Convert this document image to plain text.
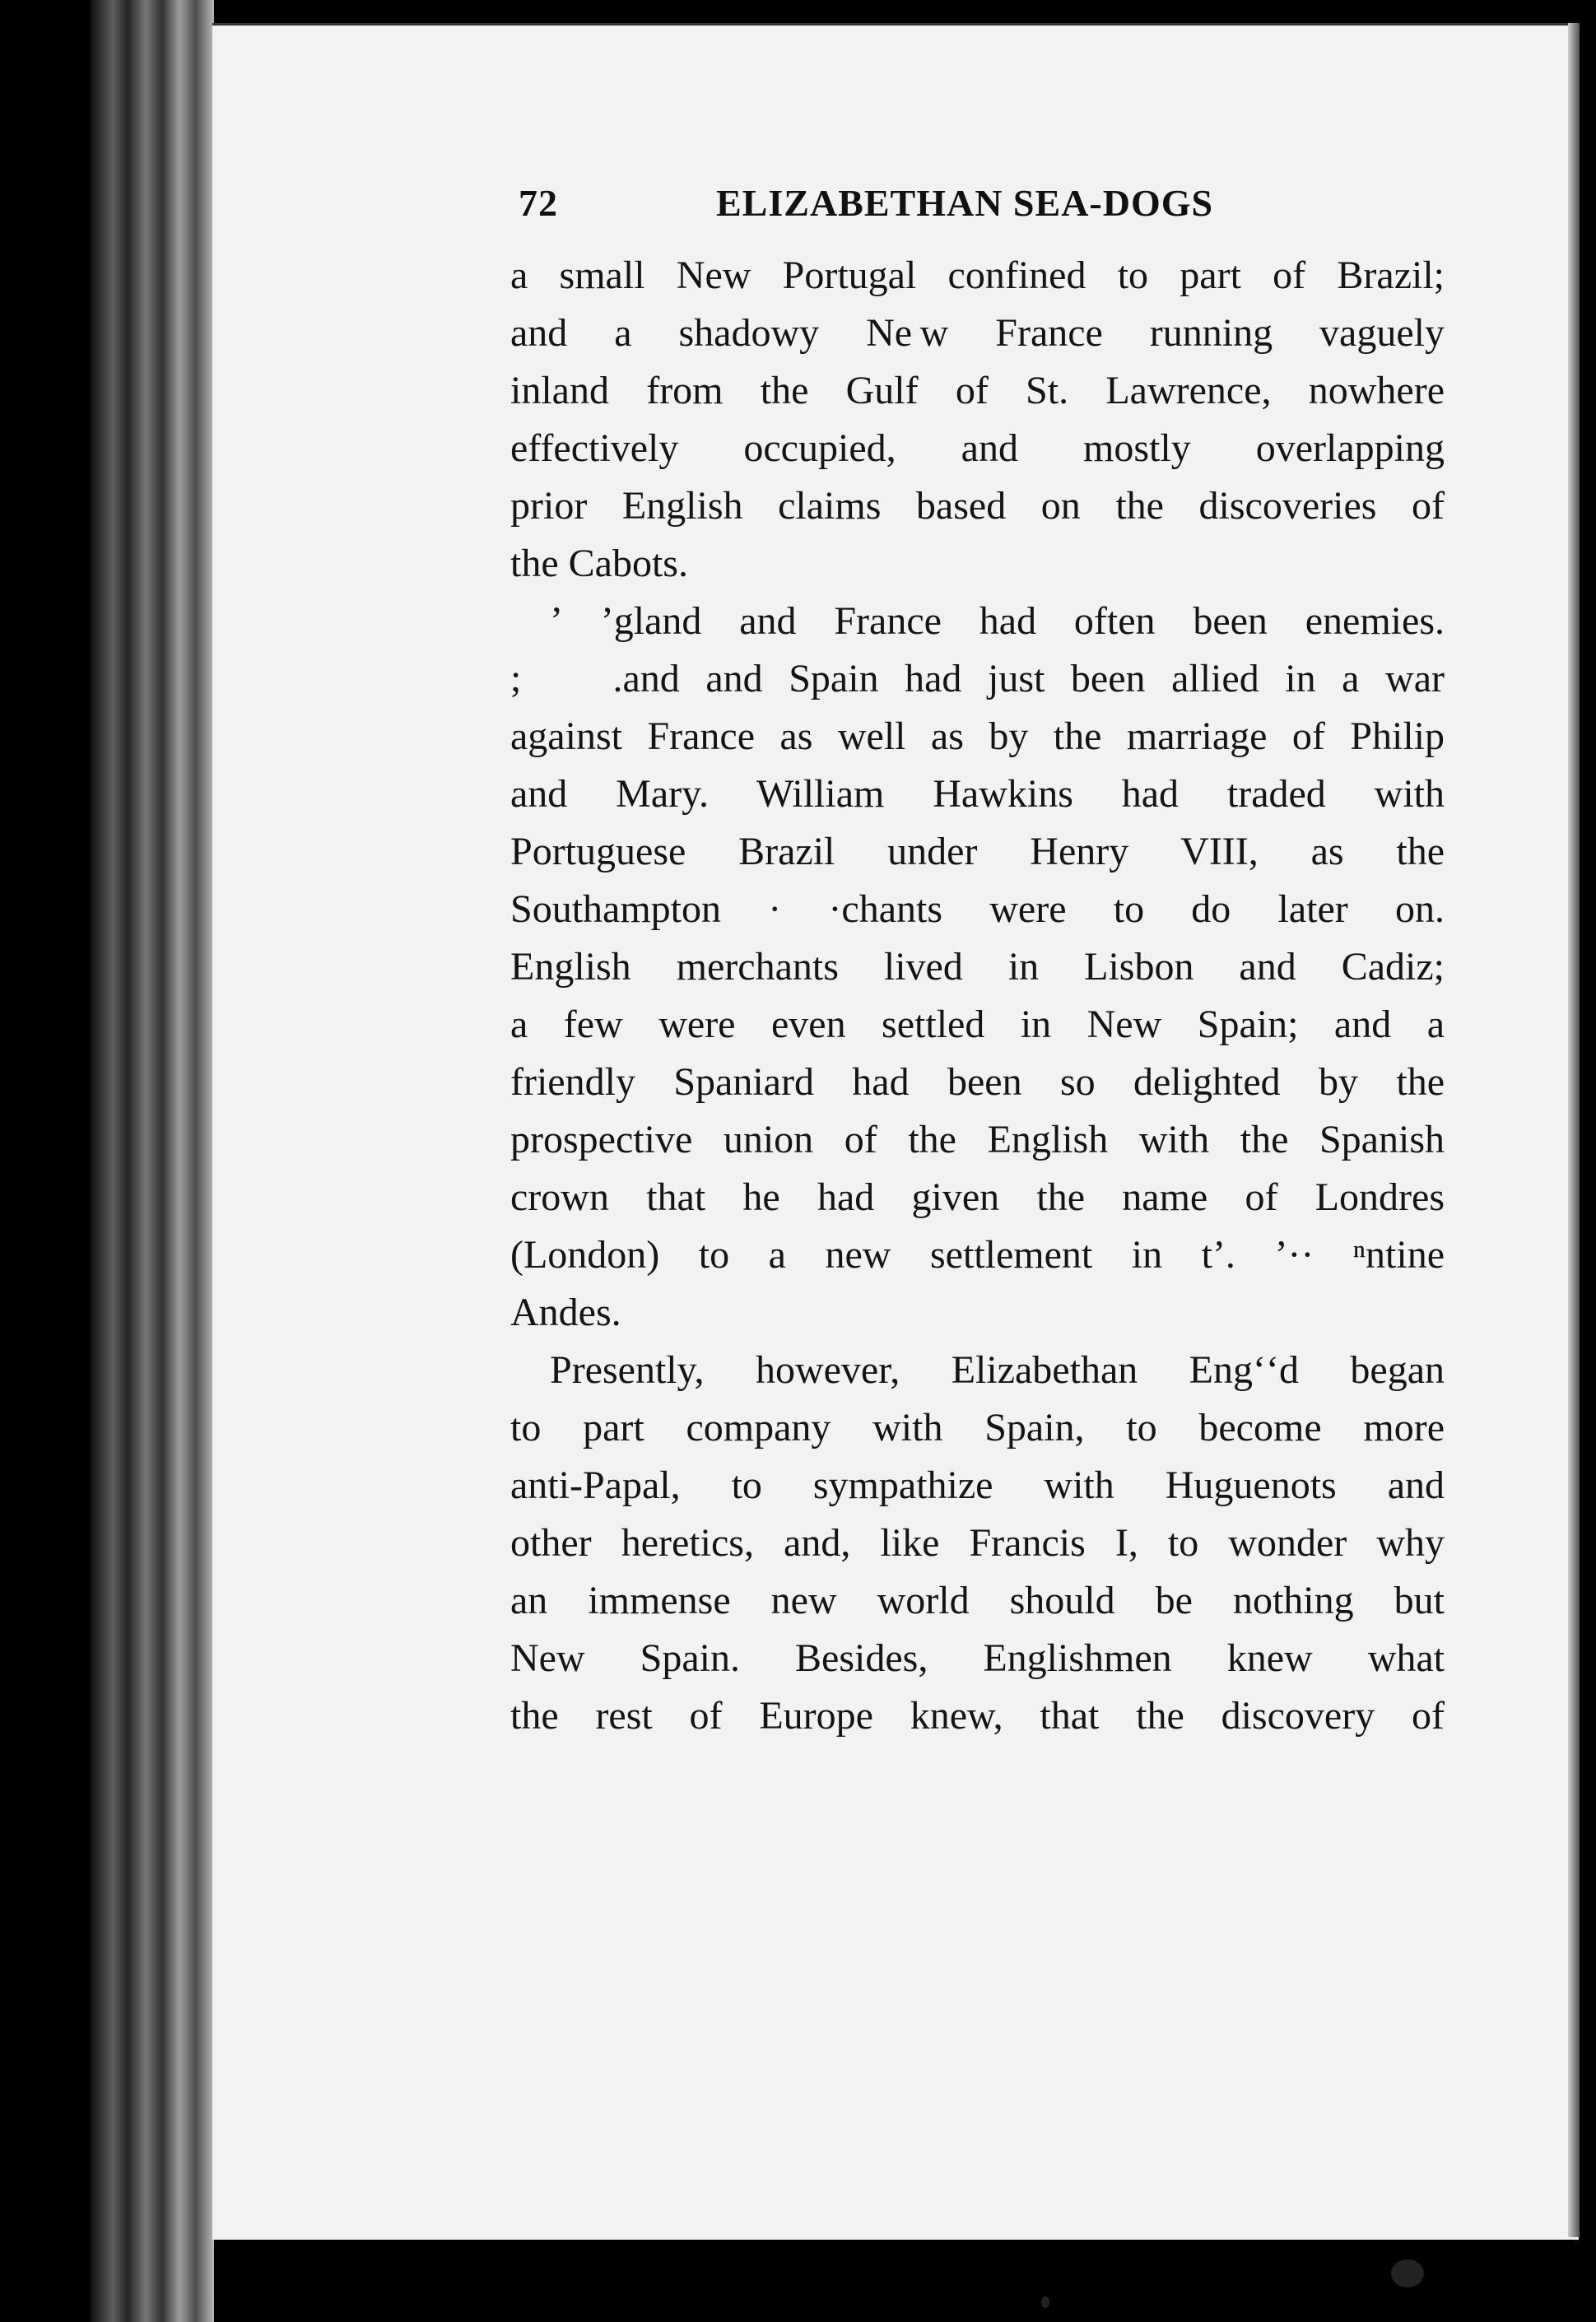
72	ELIZABETHAN SEA-DOGS
a small New Portugal confined to part of Brazil;
and a shadowy Ne w France running vaguely
inland from the Gulf of St. Lawrence, nowhere
effectively occupied, and mostly overlapping
prior English claims based on the discoveries of
the Cabots.
ʼ ’gland and France had often been enemies.
;   .and and Spain had just been allied in a war
against France as well as by the marriage of Philip
and Mary. William Hawkins had traded with
Portuguese Brazil under Henry VIII, as the
Southampton · ·chants were to do later on.
English merchants lived in Lisbon and Cadiz;
a few were even settled in New Spain; and a
friendly Spaniard had been so delighted by the
prospective union of the English with the Spanish
crown that he had given the name of Londres
(London) to a new settlement in tʼ. ʼ·· ⁿntine
Andes.
Presently, however, Elizabethan Engʻʻd began
to part company with Spain, to become more
anti-Papal, to sympathize with Huguenots and
other heretics, and, like Francis I, to wonder why
an immense new world should be nothing but
New Spain. Besides, Englishmen knew what
the rest of Europe knew, that the discovery of
